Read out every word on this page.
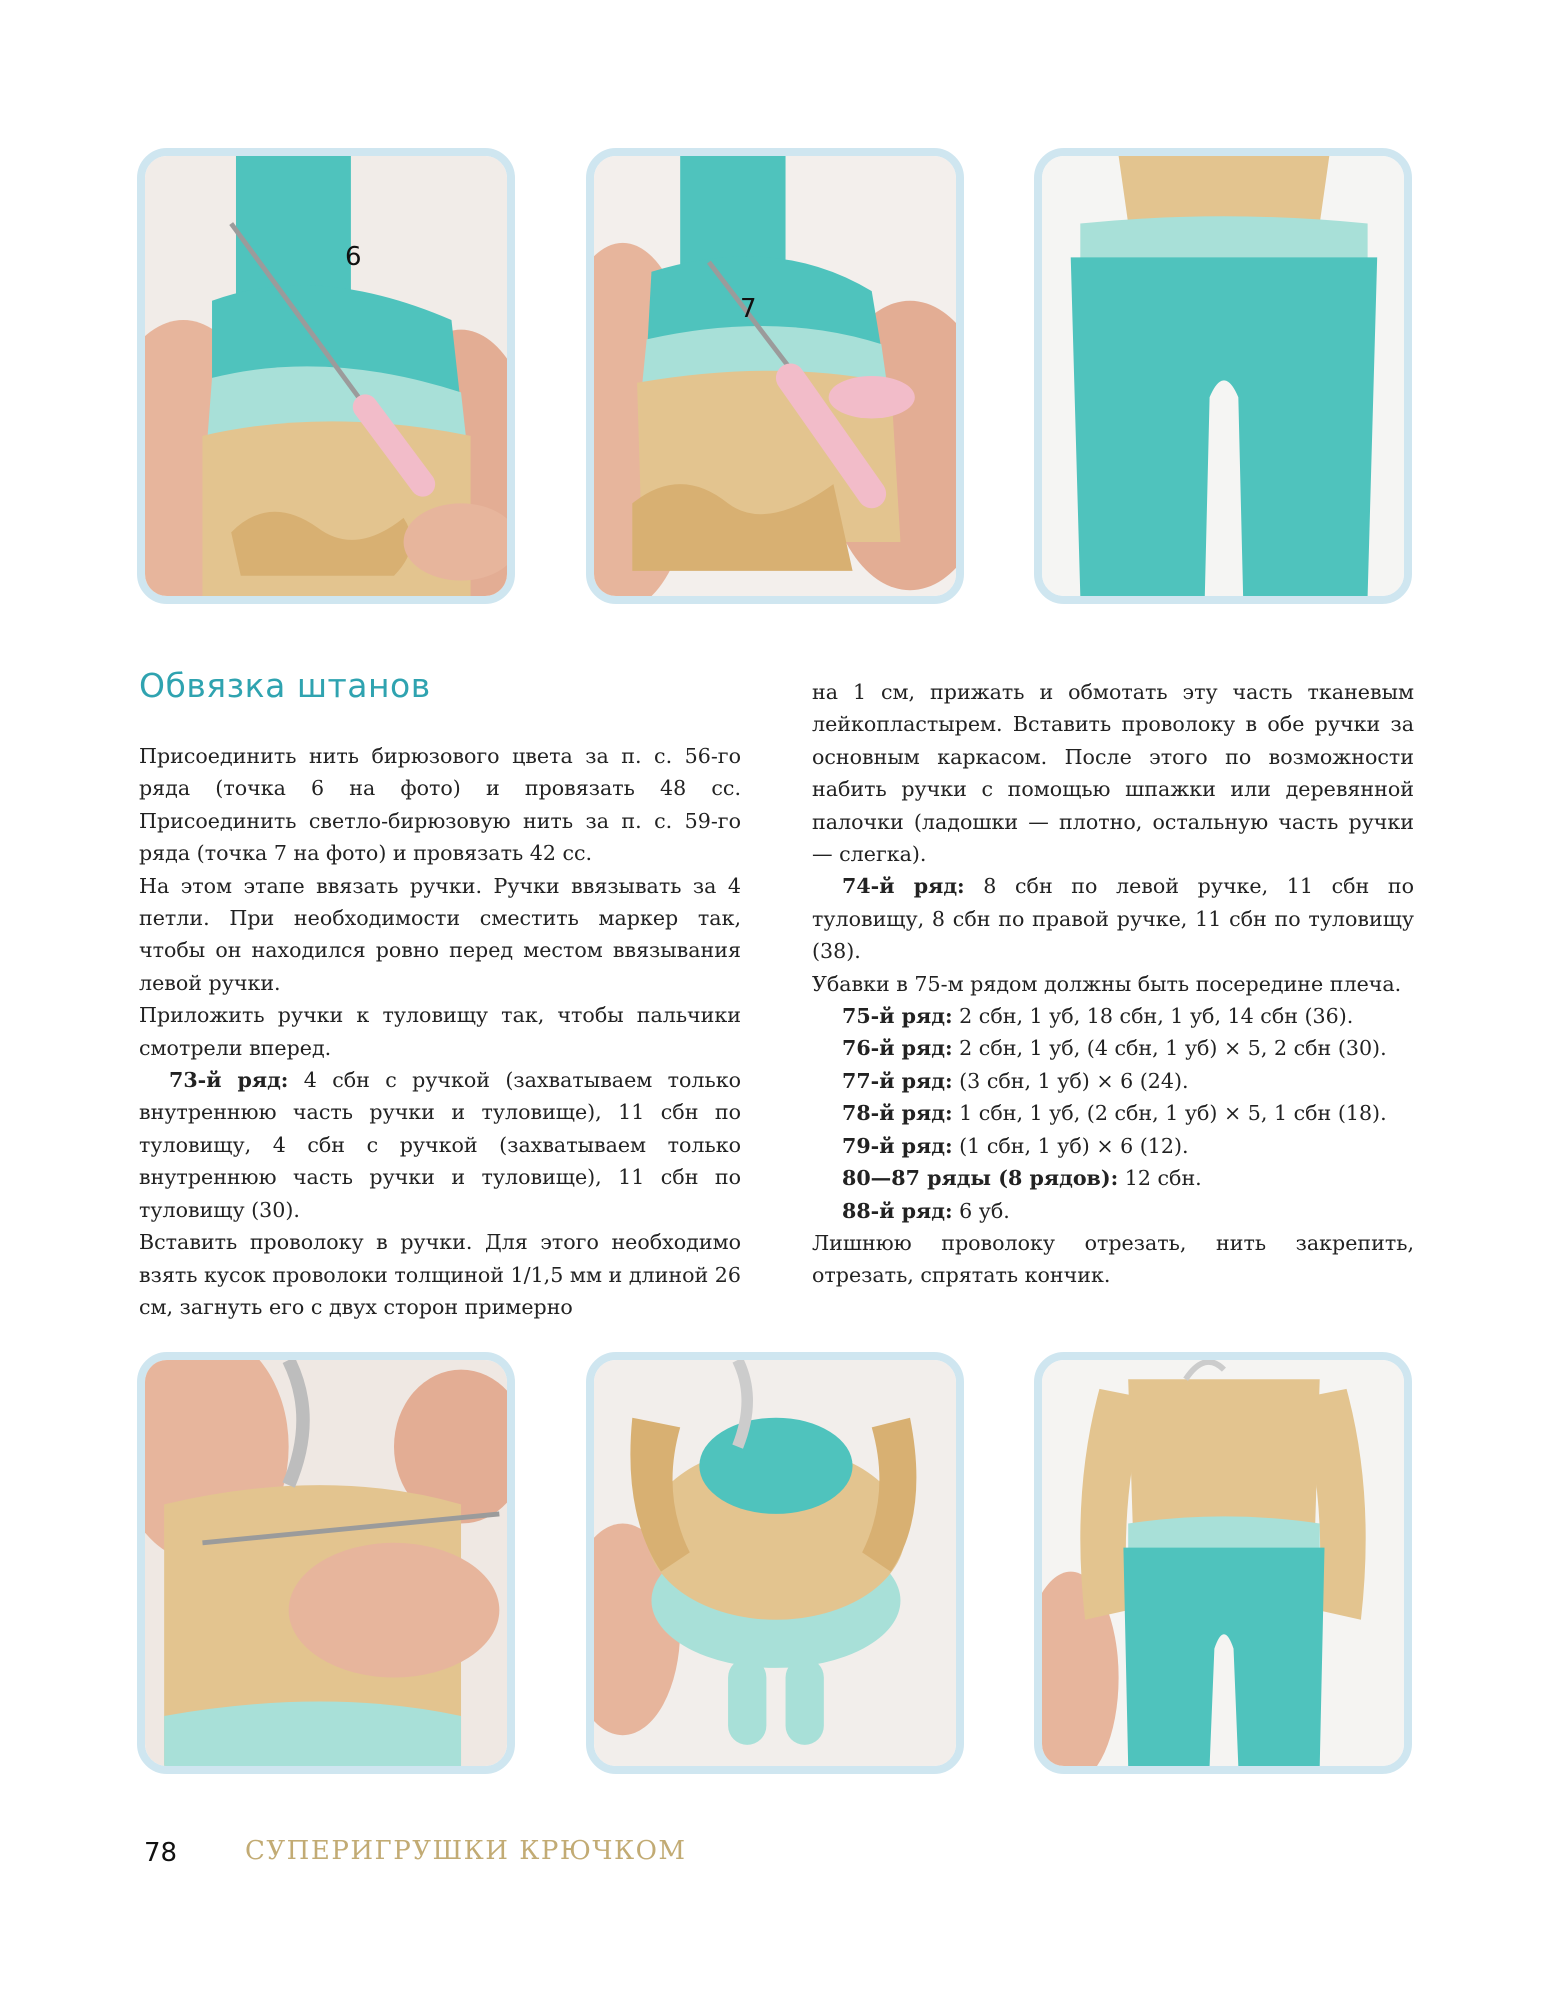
6
7
Обвязка штанов

Присоединить нить бирюзового цвета за п. с. 56-го ряда (точка 6 на фото) и провязать 48 сс. Присоединить светло-бирюзовую нить за п. с. 59-го ряда (точка 7 на фото) и провязать 42 сс.

На этом этапе ввязать ручки. Ручки ввязывать за 4 петли. При необходимости сместить маркер так, чтобы он находился ровно перед местом ввязывания левой ручки.

Приложить ручки к туловищу так, чтобы пальчики смотрели вперед.

73-й ряд: 4 сбн с ручкой (захватываем только внутреннюю часть ручки и туловище), 11 сбн по туловищу, 4 сбн с ручкой (захватываем только внутреннюю часть ручки и туловище), 11 сбн по туловищу (30).

Вставить проволоку в ручки. Для этого необходимо взять кусок проволоки толщиной 1/1,5 мм и длиной 26 см, загнуть его с двух сторон примерно

на 1 см, прижать и обмотать эту часть тканевым лейкопластырем. Вставить проволоку в обе ручки за основным каркасом. После этого по возможности набить ручки с помощью шпажки или деревянной палочки (ладошки — плотно, остальную часть ручки — слегка).

74-й ряд: 8 сбн по левой ручке, 11 сбн по туловищу, 8 сбн по правой ручке, 11 сбн по туловищу (38).

Убавки в 75-м рядом должны быть посередине плеча.

75-й ряд: 2 сбн, 1 уб, 18 сбн, 1 уб, 14 сбн (36).

76-й ряд: 2 сбн, 1 уб, (4 сбн, 1 уб) × 5, 2 сбн (30).

77-й ряд: (3 сбн, 1 уб) × 6 (24).

78-й ряд: 1 сбн, 1 уб, (2 сбн, 1 уб) × 5, 1 сбн (18).

79-й ряд: (1 сбн, 1 уб) × 6 (12).

80—87 ряды (8 рядов): 12 сбн.

88-й ряд: 6 уб.

Лишнюю проволоку отрезать, нить закрепить, отрезать, спрятать кончик.

78	СУПЕРИГРУШКИ КРЮЧКОМ
